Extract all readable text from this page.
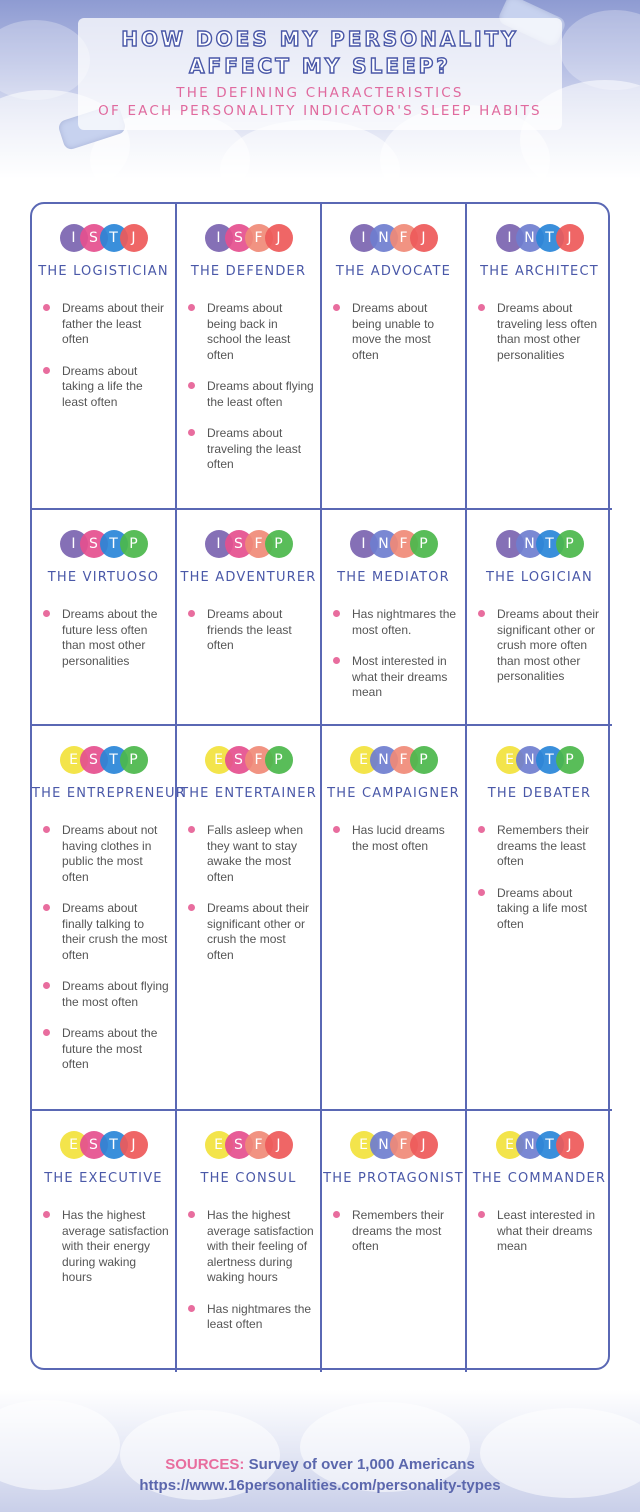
HOW DOES MY PERSONALITY
AFFECT MY SLEEP?
THE DEFINING CHARACTERISTICS
OF EACH PERSONALITY INDICATOR'S SLEEP HABITS
I S T J
THE LOGISTICIAN
Dreams about their father the least often
Dreams about taking a life the least often
I S F J
THE DEFENDER
Dreams about being back in school the least often
Dreams about flying the least often
Dreams about traveling the least often
I N F J
THE ADVOCATE
Dreams about being unable to move the most often
I N T J
THE ARCHITECT
Dreams about traveling less often than most other personalities
I S T P
THE VIRTUOSO
Dreams about the future less often than most other personalities
I S F P
THE ADVENTURER
Dreams about friends the least often
I N F P
THE MEDIATOR
Has nightmares the most often.
Most interested in what their dreams mean
I N T P
THE LOGICIAN
Dreams about their significant other or crush more often than most other personalities
E S T P
THE ENTREPRENEUR
Dreams about not having clothes in public the most often
Dreams about finally talking to their crush the most often
Dreams about flying the most often
Dreams about the future the most often
E S F P
THE ENTERTAINER
Falls asleep when they want to stay awake the most often
Dreams about their significant other or crush the most often
E N F P
THE CAMPAIGNER
Has lucid dreams the most often
E N T P
THE DEBATER
Remembers their dreams the least often
Dreams about taking a life most often
E S T J
THE EXECUTIVE
Has the highest average satisfaction with their energy during waking hours
E S F J
THE CONSUL
Has the highest average satisfaction with their feeling of alertness during waking hours
Has nightmares the least often
E N F J
THE PROTAGONIST
Remembers their dreams the most often
E N T J
THE COMMANDER
Least interested in what their dreams mean
SOURCES: Survey of over 1,000 Americans
https://www.16personalities.com/personality-types
